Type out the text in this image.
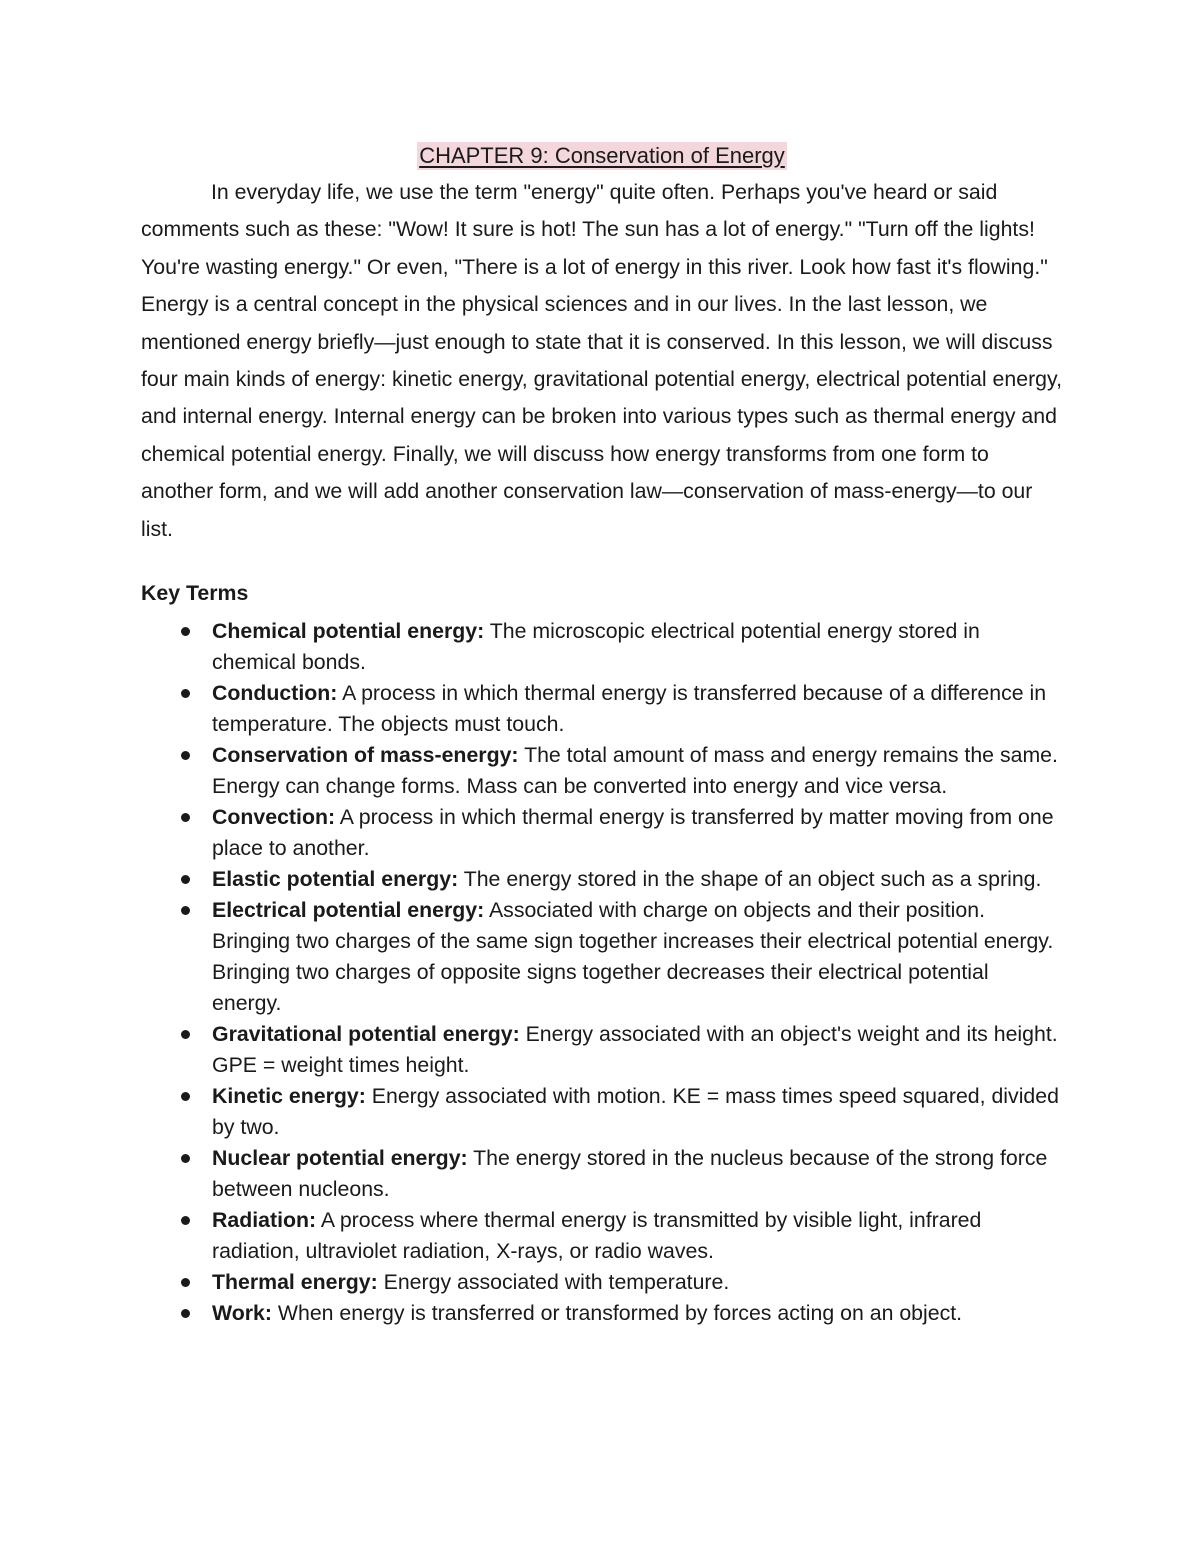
CHAPTER 9: Conservation of Energy

In everyday life, we use the term "energy" quite often. Perhaps you've heard or said comments such as these: "Wow! It sure is hot! The sun has a lot of energy." "Turn off the lights! You're wasting energy." Or even, "There is a lot of energy in this river. Look how fast it's flowing." Energy is a central concept in the physical sciences and in our lives. In the last lesson, we mentioned energy briefly—just enough to state that it is conserved. In this lesson, we will discuss four main kinds of energy: kinetic energy, gravitational potential energy, electrical potential energy, and internal energy. Internal energy can be broken into various types such as thermal energy and chemical potential energy. Finally, we will discuss how energy transforms from one form to another form, and we will add another conservation law—conservation of mass-energy—to our list.

Key Terms

Chemical potential energy: The microscopic electrical potential energy stored in chemical bonds.
Conduction: A process in which thermal energy is transferred because of a difference in temperature. The objects must touch.
Conservation of mass-energy: The total amount of mass and energy remains the same. Energy can change forms. Mass can be converted into energy and vice versa.
Convection: A process in which thermal energy is transferred by matter moving from one place to another.
Elastic potential energy: The energy stored in the shape of an object such as a spring.
Electrical potential energy: Associated with charge on objects and their position. Bringing two charges of the same sign together increases their electrical potential energy. Bringing two charges of opposite signs together decreases their electrical potential energy.
Gravitational potential energy: Energy associated with an object's weight and its height. GPE = weight times height.
Kinetic energy: Energy associated with motion. KE = mass times speed squared, divided by two.
Nuclear potential energy: The energy stored in the nucleus because of the strong force between nucleons.
Radiation: A process where thermal energy is transmitted by visible light, infrared radiation, ultraviolet radiation, X-rays, or radio waves.
Thermal energy: Energy associated with temperature.
Work: When energy is transferred or transformed by forces acting on an object.
